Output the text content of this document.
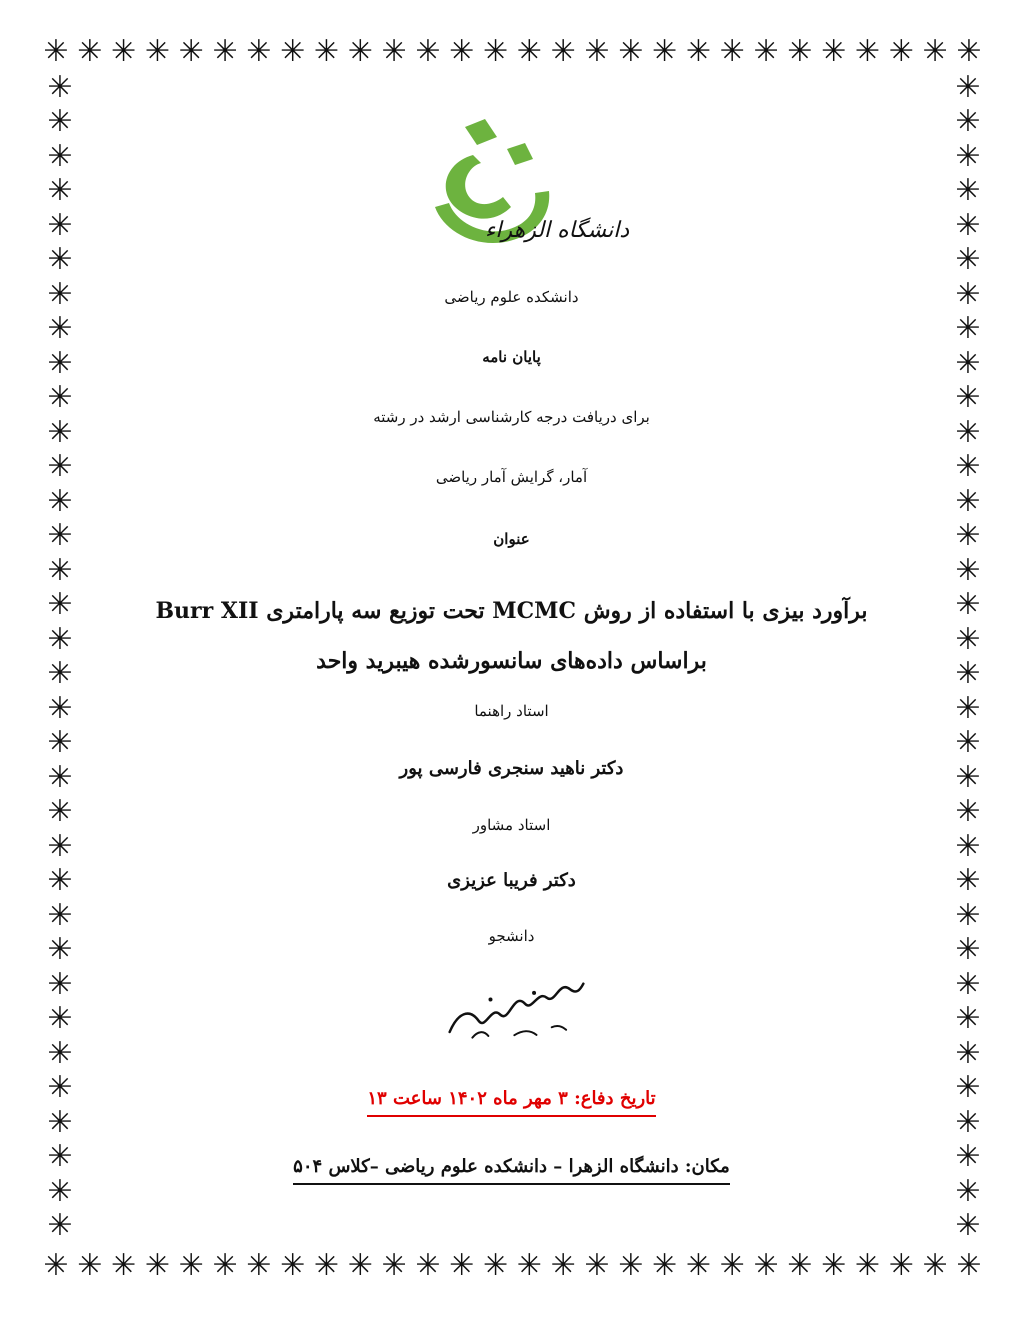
✳ ✳ ✳ ✳ ✳ ✳ ✳ ✳ ✳ ✳ ✳ ✳ ✳ ✳ ✳ ✳ ✳ ✳ ✳ ✳ ✳ ✳ ✳ ✳ ✳ ✳ ✳ ✳
✳ ✳ ✳ ✳ ✳ ✳ ✳ ✳ ✳ ✳ ✳ ✳ ✳ ✳ ✳ ✳ ✳ ✳ ✳ ✳ ✳ ✳ ✳ ✳ ✳ ✳ ✳ ✳
✳
✳
✳
✳
✳
✳
✳
✳
✳
✳
✳
✳
✳
✳
✳
✳
✳
✳
✳
✳
✳
✳
✳
✳
✳
✳
✳
✳
✳
✳
✳
✳
✳
✳
✳
✳
✳
✳
✳
✳
✳
✳
✳
✳
✳
✳
✳
✳
✳
✳
✳
✳
✳
✳
✳
✳
✳
✳
✳
✳
✳
✳
✳
✳
✳
✳
✳
✳
دانشگاه الزهراء
دانشکده علوم ریاضی
پایان نامه
برای دریافت درجه کارشناسی ارشد در رشته
آمار، گرایش آمار ریاضی
عنوان
برآورد بیزی با استفاده از روش MCMC تحت توزیع سه پارامتری Burr XII
براساس داده‌های سانسورشده هیبرید واحد
استاد راهنما
دکتر ناهید سنجری فارسی پور
استاد مشاور
دکتر فریبا عزیزی
دانشجو
تاریخ دفاع: ۳ مهر ماه ۱۴۰۲ ساعت ۱۳
مکان: دانشگاه الزهرا – دانشکده علوم ریاضی –کلاس ۵۰۴
